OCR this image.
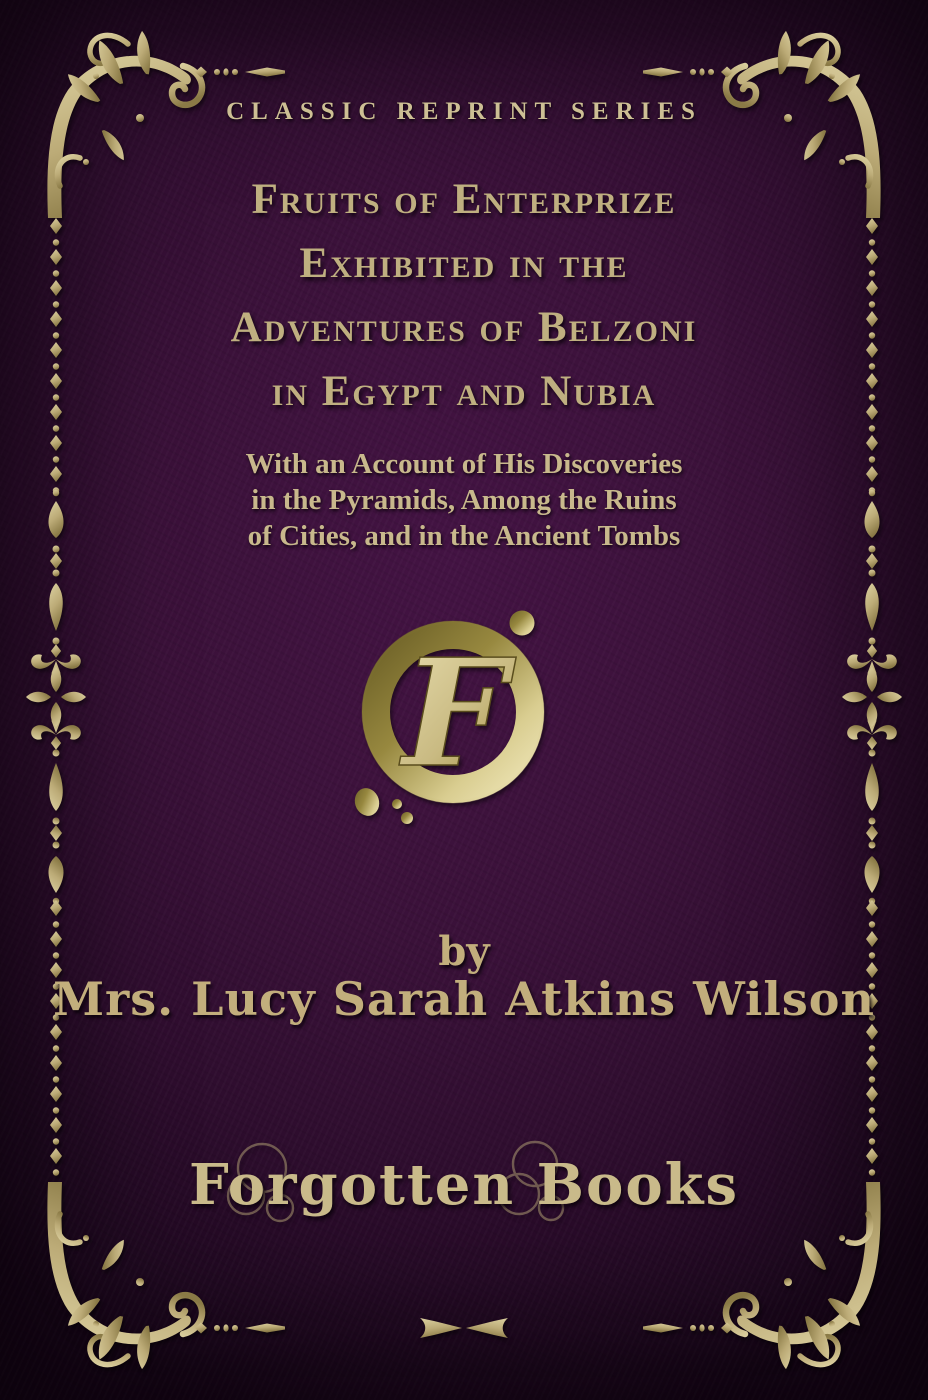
F
CLASSIC REPRINT SERIES
Fruits of Enterprize
Exhibited in the
Adventures of Belzoni
in Egypt and Nubia

With an Account of His Discoveries
in the Pyramids, Among the Ruins
of Cities, and in the Ancient Tombs

by
Mrs. Lucy Sarah Atkins Wilson
Forgotten Books
